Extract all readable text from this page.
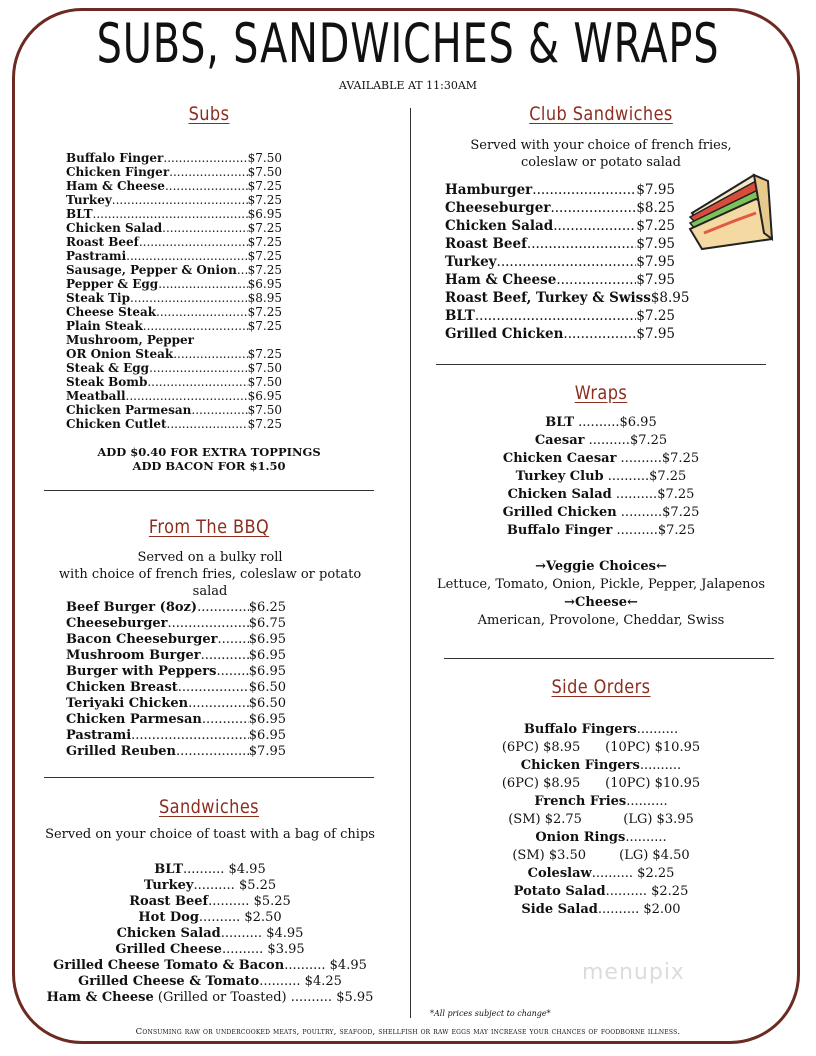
SUBS, SANDWICHES & WRAPS
AVAILABLE AT 11:30AM
Subs
Buffalo Finger .....	$7.50
Chicken Finger .....	$7.50
Ham & Cheese .....	$7.25
Turkey .....	$7.25
BLT .....	$6.95
Chicken Salad .....	$7.25
Roast Beef .....	$7.25
Pastrami .....	$7.25
Sausage, Pepper & Onion ..... $7.25
Pepper & Egg .....	$6.95
Steak Tip .....	$8.95
Cheese Steak .....	$7.25
Plain Steak .....	$7.25
Mushroom, Pepper
OR Onion Steak .....	$7.25
Steak & Egg .....	$7.50
Steak Bomb .....	$7.50
Meatball .....	$6.95
Chicken Parmesan .....	$7.50
Chicken Cutlet .....	$7.25
ADD $0.40 FOR EXTRA TOPPINGS
ADD BACON FOR $1.50
From The BBQ
Served on a bulky roll
with choice of french fries, coleslaw or potato salad
Beef Burger (8oz) .....	$6.25
Cheeseburger .....	$6.75
Bacon Cheeseburger ..... $6.95
Mushroom Burger .....	$6.95
Burger with Peppers ..... $6.95
Chicken Breast .....	$6.50
Teriyaki Chicken .....	$6.50
Chicken Parmesan .....	$6.95
Pastrami .....	$6.95
Grilled Reuben .....	$7.95
Sandwiches
Served on your choice of toast with a bag of chips
BLT.......... $4.95
Turkey.......... $5.25
Roast Beef.......... $5.25
Hot Dog.......... $2.50
Chicken Salad.......... $4.95
Grilled Cheese.......... $3.95
Grilled Cheese Tomato & Bacon.......... $4.95
Grilled Cheese & Tomato.......... $4.25
Ham & Cheese (Grilled or Toasted) .......... $5.95
Club Sandwiches
Served with your choice of french fries,
coleslaw or potato salad
Hamburger .....	$7.95
Cheeseburger .....	$8.25
Chicken Salad .....	$7.25
Roast Beef .....	$7.95
Turkey .....	$7.95
Ham & Cheese .....	$7.95
Roast Beef, Turkey & Swiss $8.95
BLT .....	$7.25
Grilled Chicken .....	$7.95
Wraps
BLT ..........$6.95
Caesar ..........$7.25
Chicken Caesar ..........$7.25
Turkey Club ..........$7.25
Chicken Salad ..........$7.25
Grilled Chicken ..........$7.25
Buffalo Finger ..........$7.25
→Veggie Choices←
Lettuce, Tomato, Onion, Pickle, Pepper, Jalapenos
→Cheese←
American, Provolone, Cheddar, Swiss
Side Orders
Buffalo Fingers..........
(6PC) $8.95 (10PC) $10.95
Chicken Fingers..........
(6PC) $8.95 (10PC) $10.95
French Fries..........
(SM) $2.75	(LG) $3.95
Onion Rings..........
(SM) $3.50	(LG) $4.50
Coleslaw.......... $2.25
Potato Salad.......... $2.25
Side Salad.......... $2.00
menupix
*All prices subject to change*
Consuming raw or undercooked meats, poultry, seafood, shellfish or raw eggs may increase your chances of foodborne illness.
